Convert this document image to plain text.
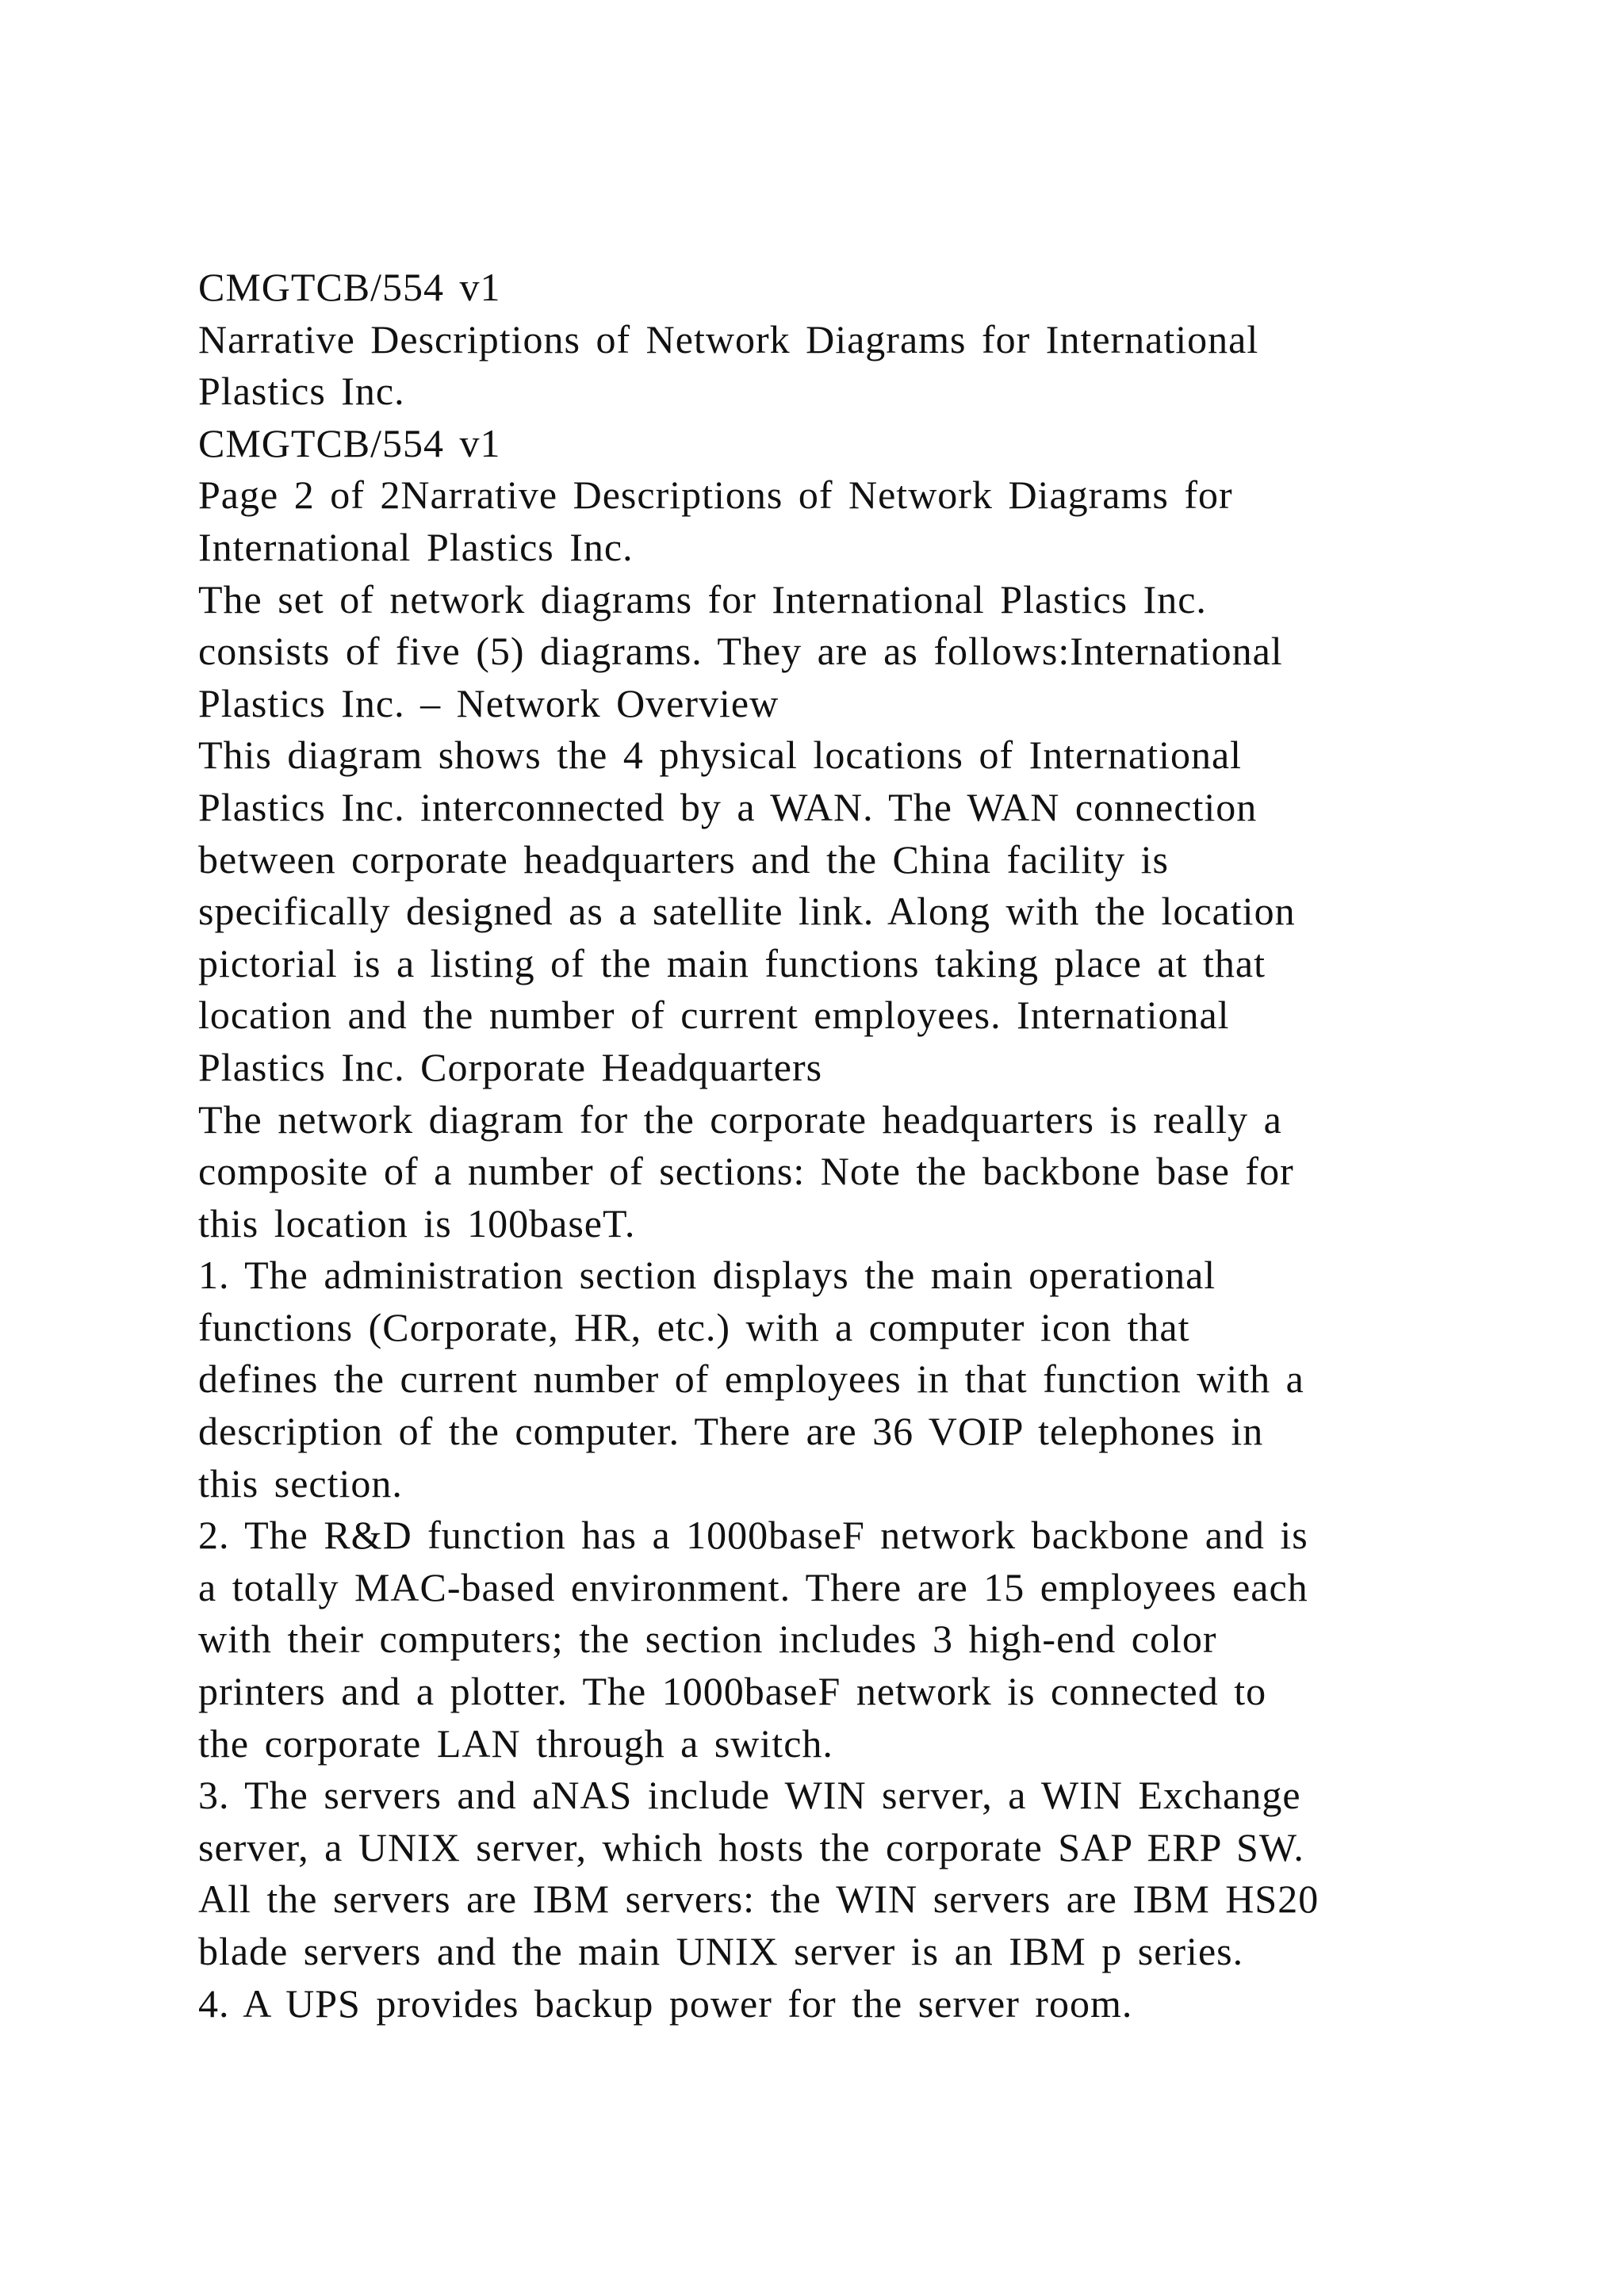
CMGTCB/554 v1
Narrative Descriptions of Network Diagrams for International
Plastics Inc.
CMGTCB/554 v1
Page 2 of 2Narrative Descriptions of Network Diagrams for
International Plastics Inc.
The set of network diagrams for International Plastics Inc.
consists of five (5) diagrams. They are as follows:International
Plastics Inc. – Network Overview
This diagram shows the 4 physical locations of International
Plastics Inc. interconnected by a WAN. The WAN connection
between corporate headquarters and the China facility is
specifically designed as a satellite link. Along with the location
pictorial is a listing of the main functions taking place at that
location and the number of current employees. International
Plastics Inc. Corporate Headquarters
The network diagram for the corporate headquarters is really a
composite of a number of sections: Note the backbone base for
this location is 100baseT.
1. The administration section displays the main operational
functions (Corporate, HR, etc.) with a computer icon that
defines the current number of employees in that function with a
description of the computer. There are 36 VOIP telephones in
this section.
2. The R&D function has a 1000baseF network backbone and is
a totally MAC-based environment. There are 15 employees each
with their computers; the section includes 3 high-end color
printers and a plotter. The 1000baseF network is connected to
the corporate LAN through a switch.
3. The servers and aNAS include WIN server, a WIN Exchange
server, a UNIX server, which hosts the corporate SAP ERP SW.
All the servers are IBM servers: the WIN servers are IBM HS20
blade servers and the main UNIX server is an IBM p series.
4. A UPS provides backup power for the server room.
